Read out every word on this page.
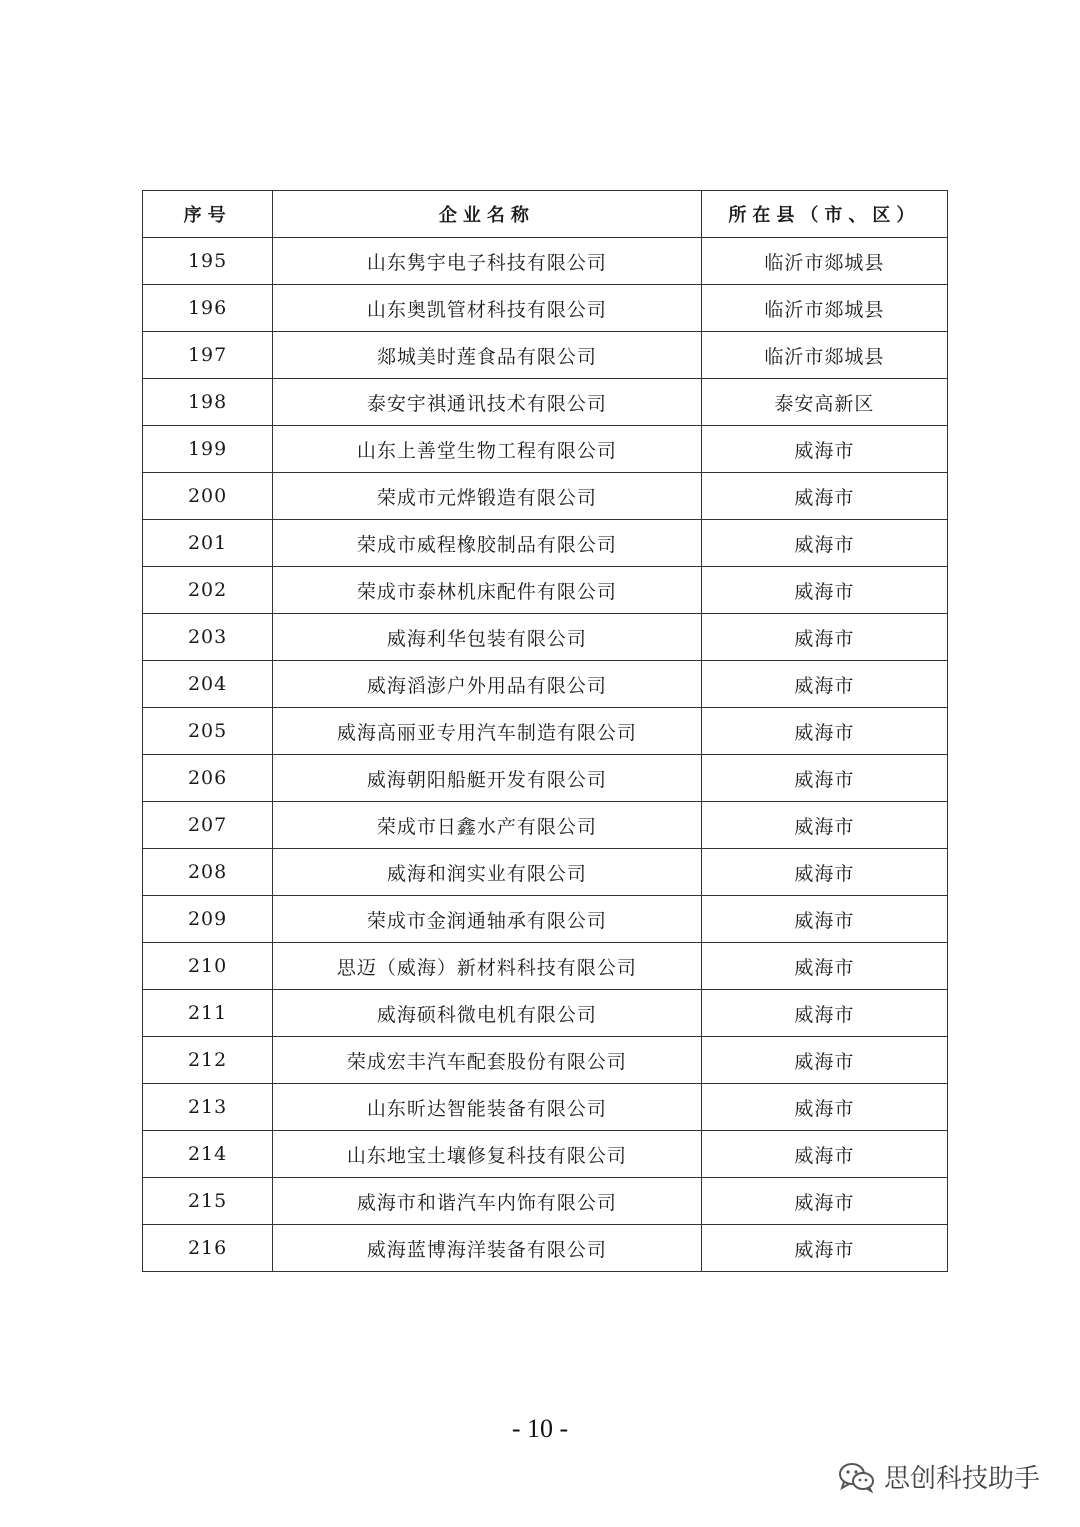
序号	企业名称	所在县（市、区）
195	山东隽宇电子科技有限公司	临沂市郯城县
196	山东奥凯管材科技有限公司	临沂市郯城县
197	郯城美时莲食品有限公司	临沂市郯城县
198	泰安宇祺通讯技术有限公司	泰安高新区
199	山东上善堂生物工程有限公司	威海市
200	荣成市元烨锻造有限公司	威海市
201	荣成市威程橡胶制品有限公司	威海市
202	荣成市泰林机床配件有限公司	威海市
203	威海利华包装有限公司	威海市
204	威海滔澎户外用品有限公司	威海市
205	威海高丽亚专用汽车制造有限公司	威海市
206	威海朝阳船艇开发有限公司	威海市
207	荣成市日鑫水产有限公司	威海市
208	威海和润实业有限公司	威海市
209	荣成市金润通轴承有限公司	威海市
210	思迈（威海）新材料科技有限公司	威海市
211	威海硕科微电机有限公司	威海市
212	荣成宏丰汽车配套股份有限公司	威海市
213	山东昕达智能装备有限公司	威海市
214	山东地宝土壤修复科技有限公司	威海市
215	威海市和谐汽车内饰有限公司	威海市
216	威海蓝博海洋装备有限公司	威海市
- 10 -
思创科技助手
